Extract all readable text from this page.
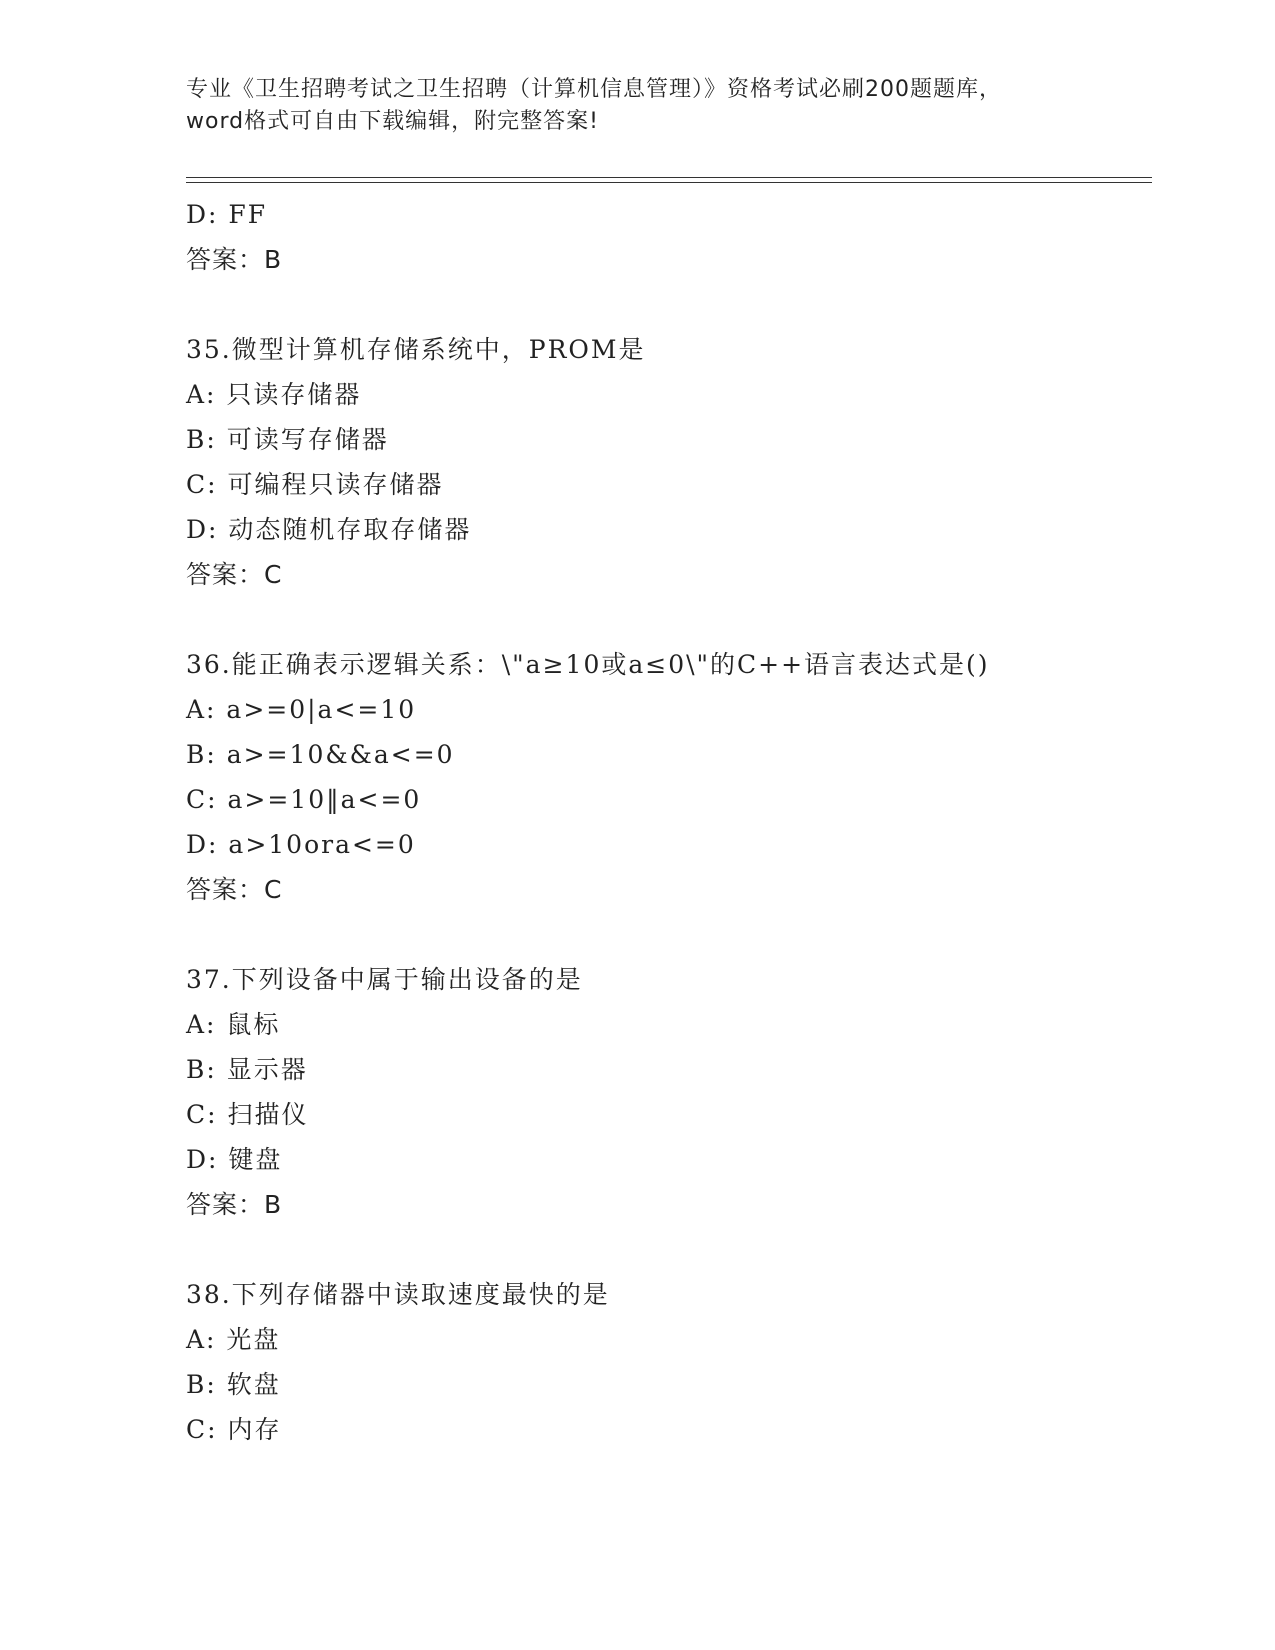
专业《卫生招聘考试之卫生招聘（计算机信息管理）》资格考试必刷200题题库，
word格式可自由下载编辑，附完整答案!
D: FF
答案：B
35.微型计算机存储系统中，PROM是
A: 只读存储器
B: 可读写存储器
C: 可编程只读存储器
D: 动态随机存取存储器
答案：C
36.能正确表示逻辑关系：\"a≥10或a≤0\"的C++语言表达式是()
A: a>=0|a<=10
B: a>=10&&a<=0
C: a>=10‖a<=0
D: a>10ora<=0
答案：C
37.下列设备中属于输出设备的是
A: 鼠标
B: 显示器
C: 扫描仪
D: 键盘
答案：B
38.下列存储器中读取速度最快的是
A: 光盘
B: 软盘
C: 内存
